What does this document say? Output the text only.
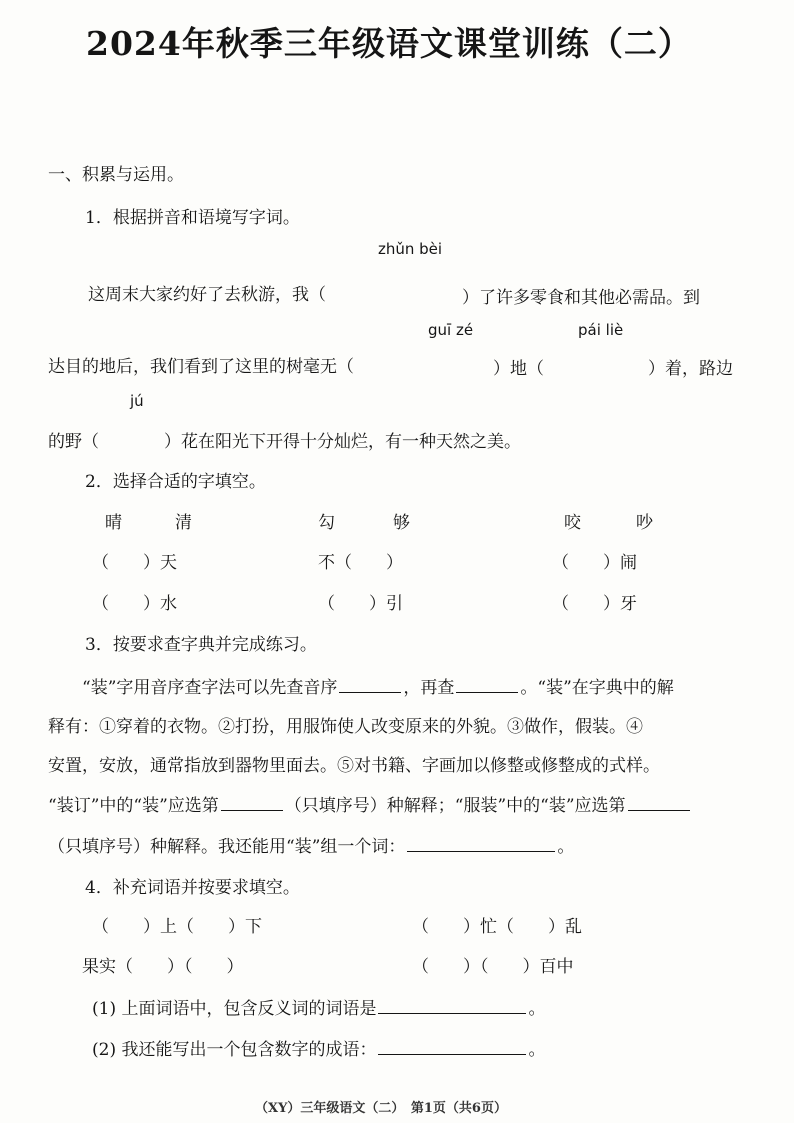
2024年秋季三年级语文课堂训练（二）
一、积累与运用。
1．根据拼音和语境写字词。
zhǔn bèi
这周末大家约好了去秋游，我（	）了许多零食和其他必需品。到
guī zé	pái liè
达目的地后，我们看到了这里的树毫无（	）地（	）着，路边
jú
的野（	）花在阳光下开得十分灿烂，有一种天然之美。
2．选择合适的字填空。
晴	清	勾	够	咬	吵
（　　）天	不（　　）	（　　）闹
（　　）水	（　　）引	（　　）牙
3．按要求查字典并完成练习。
“装”字用音序查字法可以先查音序	，再查	。“装”在字典中的解
释有：①穿着的衣物。②打扮，用服饰使人改变原来的外貌。③做作，假装。④
安置，安放，通常指放到器物里面去。⑤对书籍、字画加以修整或修整成的式样。
“装订”中的“装”应选第	（只填序号）种解释；“服装”中的“装”应选第
（只填序号）种解释。我还能用“装”组一个词：	。
4．补充词语并按要求填空。
（　　）上（　　）下	（　　）忙（　　）乱
果实（　　）（　　）	（　　）（　　）百中
(1) 上面词语中，包含反义词的词语是	。
(2) 我还能写出一个包含数字的成语：	。
（XY）三年级语文（二）　第1页（共6页）
